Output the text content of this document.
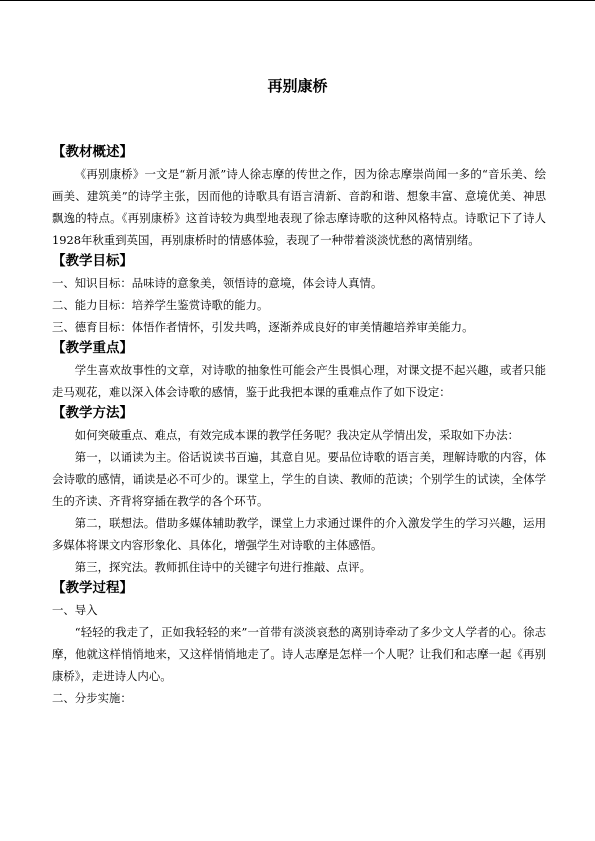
再别康桥
【教材概述】

《再别康桥》一文是“新月派”诗人徐志摩的传世之作，因为徐志摩崇尚闻一多的“音乐美、绘画美、建筑美”的诗学主张，因而他的诗歌具有语言清新、音韵和谐、想象丰富、意境优美、神思飘逸的特点。《再别康桥》这首诗较为典型地表现了徐志摩诗歌的这种风格特点。诗歌记下了诗人1928年秋重到英国，再别康桥时的情感体验，表现了一种带着淡淡忧愁的离情别绪。

【教学目标】

一、知识目标：品味诗的意象美，领悟诗的意境，体会诗人真情。

二、能力目标：培养学生鉴赏诗歌的能力。

三、德育目标：体悟作者情怀，引发共鸣，逐渐养成良好的审美情趣培养审美能力。

【教学重点】

学生喜欢故事性的文章，对诗歌的抽象性可能会产生畏惧心理，对课文提不起兴趣，或者只能走马观花，难以深入体会诗歌的感情，鉴于此我把本课的重难点作了如下设定：

【教学方法】

如何突破重点、难点，有效完成本课的教学任务呢？我决定从学情出发，采取如下办法：

第一，以诵读为主。俗话说读书百遍，其意自见。要品位诗歌的语言美，理解诗歌的内容，体会诗歌的感情，诵读是必不可少的。课堂上，学生的自读、教师的范读；个别学生的试读，全体学生的齐读、齐背将穿插在教学的各个环节。

第二，联想法。借助多媒体辅助教学，课堂上力求通过课件的介入激发学生的学习兴趣，运用多媒体将课文内容形象化、具体化，增强学生对诗歌的主体感悟。

第三，探究法。教师抓住诗中的关键字句进行推敲、点评。

【教学过程】

一、导入

“轻轻的我走了，正如我轻轻的来”一首带有淡淡哀愁的离别诗牵动了多少文人学者的心。徐志摩，他就这样悄悄地来，又这样悄悄地走了。诗人志摩是怎样一个人呢？让我们和志摩一起《再别康桥》，走进诗人内心。

二、分步实施：
